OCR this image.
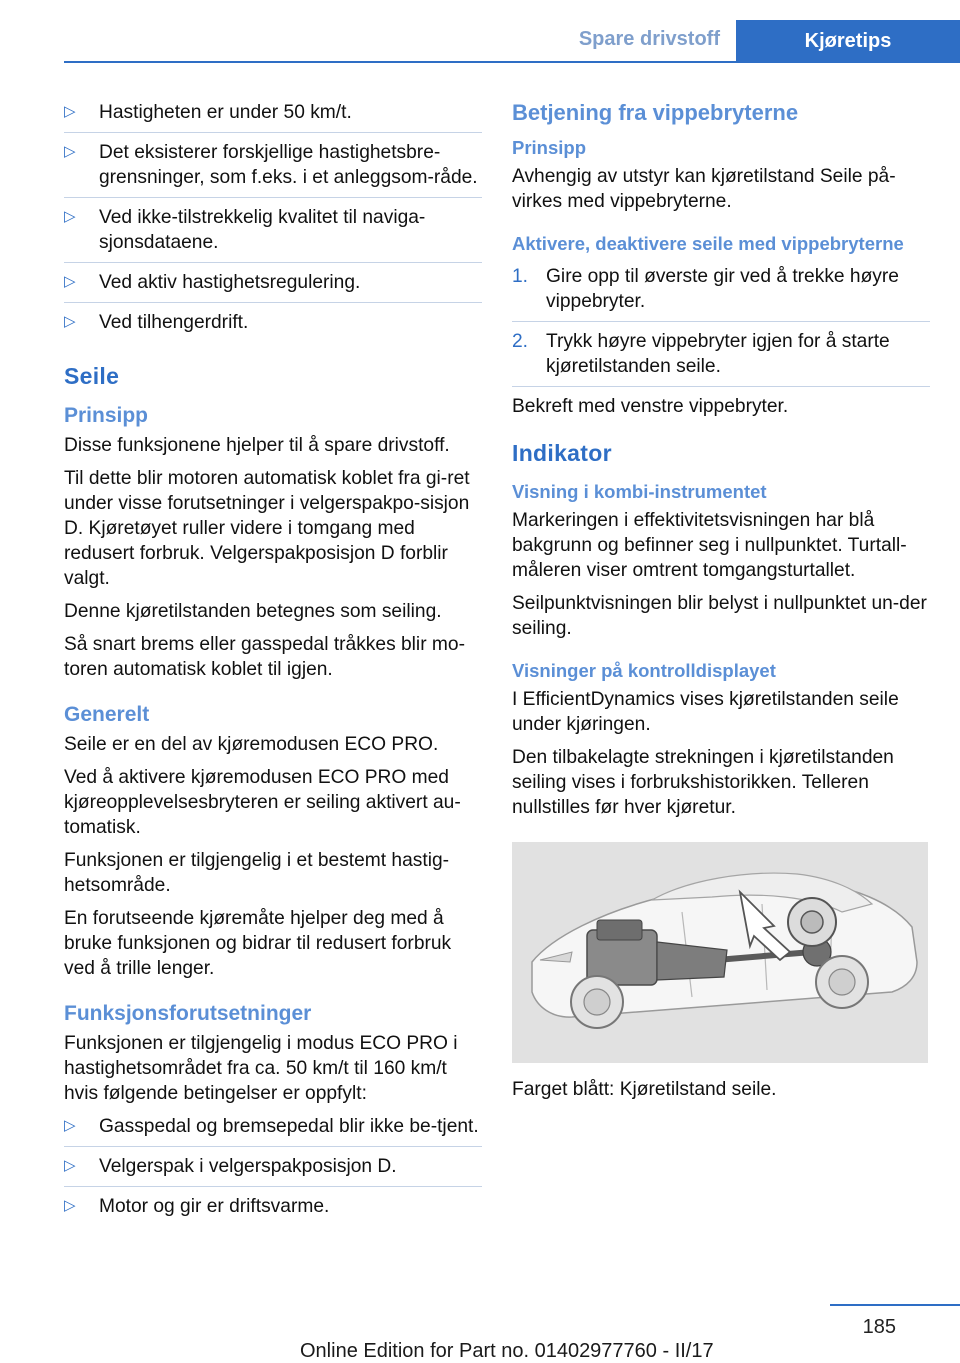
Spare drivstoff	Kjøretips
▷ Hastigheten er under 50 km/t.
▷ Det eksisterer forskjellige hastighetsbre-grensninger, som f.eks. i et anleggsom-råde.
▷ Ved ikke-tilstrekkelig kvalitet til naviga-sjonsdataene.
▷ Ved aktiv hastighetsregulering.
▷ Ved tilhengerdrift.
Seile
Prinsipp

Disse funksjonene hjelper til å spare drivstoff.

Til dette blir motoren automatisk koblet fra gi-ret under visse forutsetninger i velgerspakpo-sisjon D. Kjøretøyet ruller videre i tomgang med redusert forbruk. Velgerspakposisjon D forblir valgt.

Denne kjøretilstanden betegnes som seiling.

Så snart brems eller gasspedal tråkkes blir mo-toren automatisk koblet til igjen.

Generelt

Seile er en del av kjøremodusen ECO PRO.

Ved å aktivere kjøremodusen ECO PRO med kjøreopplevelsesbryteren er seiling aktivert au-tomatisk.

Funksjonen er tilgjengelig i et bestemt hastig-hetsområde.

En forutseende kjøremåte hjelper deg med å bruke funksjonen og bidrar til redusert forbruk ved å trille lenger.

Funksjonsforutsetninger

Funksjonen er tilgjengelig i modus ECO PRO i hastighetsområdet fra ca. 50 km/t til 160 km/t hvis følgende betingelser er oppfylt:

▷ Gasspedal og bremsepedal blir ikke be-tjent.
▷ Velgerspak i velgerspakposisjon D.
▷ Motor og gir er driftsvarme.
Betjening fra vippebryterne
Prinsipp

Avhengig av utstyr kan kjøretilstand Seile på-virkes med vippebryterne.

Aktivere, deaktivere seile med vippebryterne
1. Gire opp til øverste gir ved å trekke høyre vippebryter.
2. Trykk høyre vippebryter igjen for å starte kjøretilstanden seile.

Bekreft med venstre vippebryter.

Indikator
Visning i kombi-instrumentet

Markeringen i effektivitetsvisningen har blå bakgrunn og befinner seg i nullpunktet. Turtall-måleren viser omtrent tomgangsturtallet.

Seilpunktvisningen blir belyst i nullpunktet un-der seiling.

Visninger på kontrolldisplayet

I EfficientDynamics vises kjøretilstanden seile under kjøringen.

Den tilbakelagte strekningen i kjøretilstanden seiling vises i forbrukshistorikken. Telleren nullstilles før hver kjøretur.

Farget blått: Kjøretilstand seile.

185
Online Edition for Part no. 01402977760 - II/17
